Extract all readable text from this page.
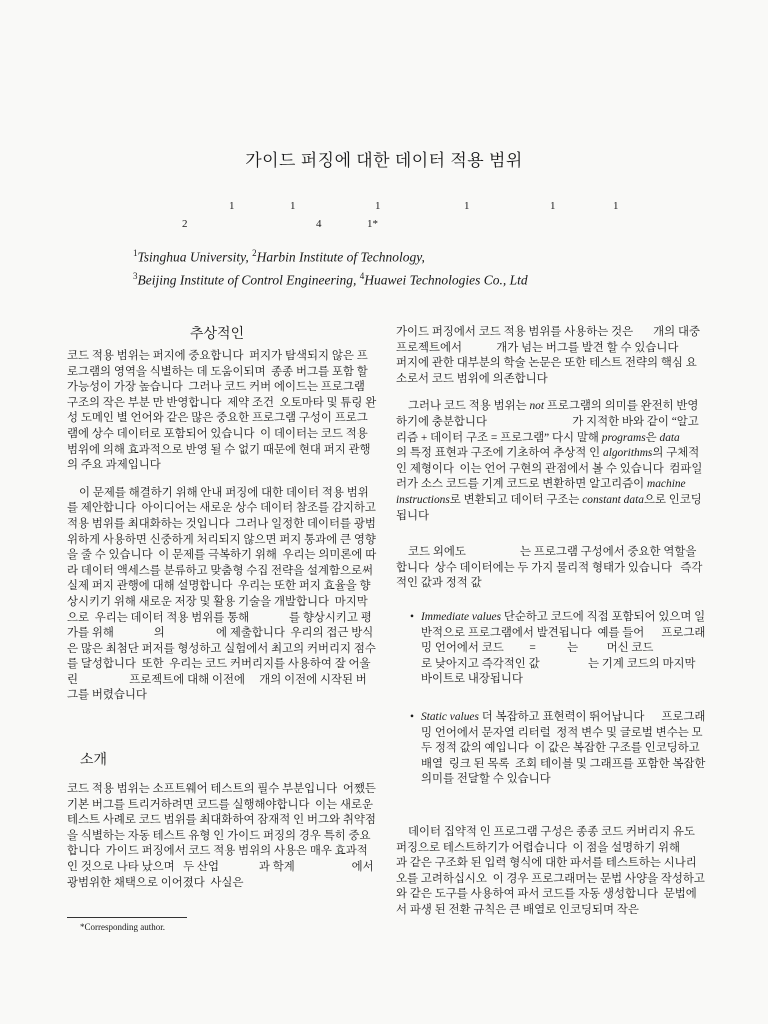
가이드 퍼징에 대한 데이터 적용 범위
1	1	1	1	1	1
2	4	1*
$^1$Tsinghua University, $^2$Harbin Institute of Technology,
$^3$Beijing Institute of Control Engineering, $^4$Huawei Technologies Co., Ltd
추상적인

코드 적용 범위는 퍼지에 중요합니다  퍼지가 탐색되지 않은 프로그램의 영역을 식별하는 데 도움이되며  종종 버그를 포함 할 가능성이 가장 높습니다  그러나 코드 커버 에이드는 프로그램 구조의 작은 부분 만 반영합니다  제약 조건  오토마타 및 튜링 완성 도메인 별 언어와 같은 많은 중요한 프로그램 구성이 프로그램에 상수 데이터로 포함되어 있습니다  이 데이터는 코드 적용 범위에 의해 효과적으로 반영 될 수 없기 때문에 현대 퍼지 관행의 주요 과제입니다

이 문제를 해결하기 위해 안내 퍼징에 대한 데이터 적용 범위를 제안합니다  아이디어는 새로운 상수 데이터 참조를 감지하고 적용 범위를 최대화하는 것입니다  그러나 일정한 데이터를 광범위하게 사용하면 신중하게 처리되지 않으면 퍼지 통과에 큰 영향을 줄 수 있습니다  이 문제를 극복하기 위해  우리는 의미론에 따라 데이터 액세스를 분류하고 맞춤형 수집 전략을 설계함으로써 실제 퍼지 관행에 대해 설명합니다  우리는 또한 퍼지 효율을 향상시키기 위해 새로운 저장 및 활용 기술을 개발합니다  마지막으로  우리는 데이터 적용 범위를 통해              를 향상시키고 평가를 위해              의                  에 제출합니다  우리의 접근 방식은 많은 최첨단 퍼저를 형성하고 실험에서 최고의 커버리지 점수를 달성합니다  또한  우리는 코드 커버리지를 사용하여 잘 어울린                  프로젝트에 대해 이전에     개의 이전에 시작된 버그를 버렸습니다

소개

코드 적용 범위는 소프트웨어 테스트의 필수 부분입니다  어쨌든 기본 버그를 트리거하려면 코드를 실행해야합니다  이는 새로운 테스트 사례로 코드 범위를 최대화하여 잠재적 인 버그와 취약점을 식별하는 자동 테스트 유형 인 가이드 퍼징의 경우 특히 중요합니다  가이드 퍼징에서 코드 적용 범위의 사용은 매우 효과적인 것으로 나타 났으며   두 산업              과 학계                    에서 광범위한 채택으로 이어졌다  사실은

*Corresponding author.

가이드 퍼징에서 코드 적용 범위를 사용하는 것은       개의 대중 프로젝트에서            개가 넘는 버그를 발견 할 수 있습니다       퍼지에 관한 대부분의 학술 논문은 또한 테스트 전략의 핵심 요소로서 코드 범위에 의존합니다

그러나 코드 적용 범위는 not 프로그램의 의미를 완전히 반영하기에 충분합니다                              가 지적한 바와 같이 “알고리즘 + 데이터 구조 = 프로그램” 다시 말해 programs은 data       의 특정 표현과 구조에 기초하여 추상적 인 algorithms의 구체적인 제형이다  이는 언어 구현의 관점에서 볼 수 있습니다  컴파일러가 소스 코드를 기계 코드로 변환하면 알고리즘이 machine instructions로 변환되고 데이터 구조는 constant data으로 인코딩됩니다

코드 외에도                   는 프로그램 구성에서 중요한 역할을합니다  상수 데이터에는 두 가지 물리적 형태가 있습니다   즉각적인 값과 정적 값

• Immediate values 단순하고 코드에 직접 포함되어 있으며 일반적으로 프로그램에서 발견됩니다  예를 들어      프로그래밍 언어에서 코드         =           는          머신 코드                           로 낮아지고 즉각적인 값                 는 기계 코드의 마지막    바이트로 내장됩니다
• Static values 더 복잡하고 표현력이 뛰어납니다      프로그래밍 언어에서 문자열 리터럴  정적 변수 및 글로벌 변수는 모두 정적 값의 예입니다  이 값은 복잡한 구조를 인코딩하고 배열  링크 된 목록  조회 테이블 및 그래프를 포함한 복잡한 의미를 전달할 수 있습니다

데이터 집약적 인 프로그램 구성은 종종 코드 커버리지 유도 퍼징으로 테스트하기가 어렵습니다  이 점을 설명하기 위해        과 같은 구조화 된 입력 형식에 대한 파서를 테스트하는 시나리오를 고려하십시오  이 경우 프로그래머는 문법 사양을 작성하고              와 같은 도구를 사용하여 파서 코드를 자동 생성합니다  문법에서 파생 된 전환 규칙은 큰 배열로 인코딩되며 작은
